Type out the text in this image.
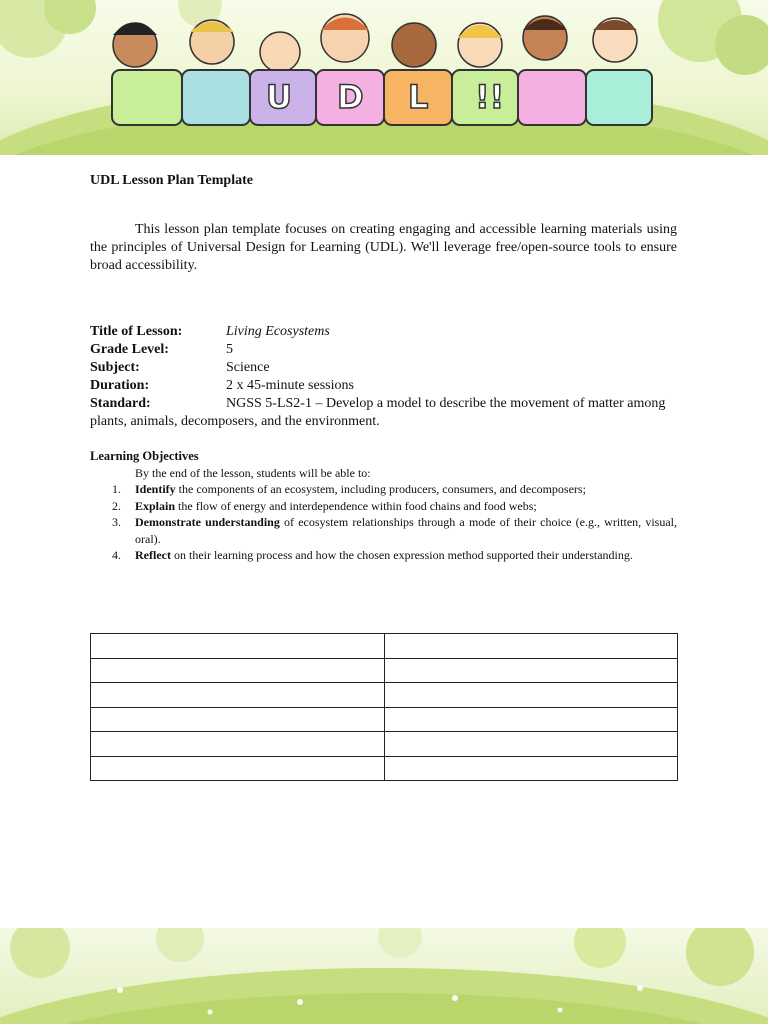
U D L !!
UDL Lesson Plan Template

This lesson plan template focuses on creating engaging and accessible learning materials using the principles of Universal Design for Learning (UDL). We'll leverage free/open-source tools to ensure broad accessibility.

Title of Lesson:	Living Ecosystems
Grade Level:	5
Subject:	Science
Duration:	2 x 45-minute sessions
Standard:	NGSS 5-LS2-1 – Develop a model to describe the movement of matter among plants, animals, decomposers, and the environment.
Learning Objectives
By the end of the lesson, students will be able to:
1. Identify the components of an ecosystem, including producers, consumers, and decomposers;
2. Explain the flow of energy and interdependence within food chains and food webs;
3. Demonstrate understanding of ecosystem relationships through a mode of their choice (e.g., written, visual, oral).
4. Reflect on their learning process and how the chosen expression method supported their understanding.
